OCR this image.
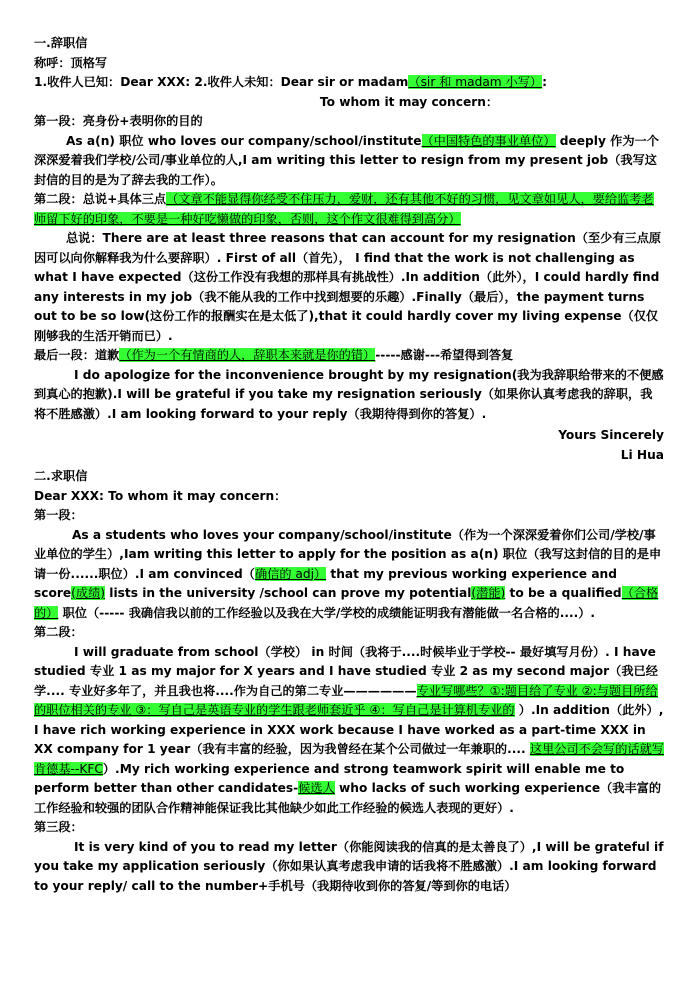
一.辞职信

称呼：顶格写

1.收件人已知：Dear XXX: 2.收件人未知：Dear sir or madam（sir 和 madam 小写）:

To whom it may concern：

第一段：亮身份+表明你的目的

As a(n) 职位 who loves our company/school/institute（中国特色的事业单位） deeply 作为一个深深爱着我们学校/公司/事业单位的人,I am writing this letter to resign from my present job（我写这封信的目的是为了辞去我的工作）。

第二段：总说+具体三点（文章不能显得你经受不住压力，爱财，还有其他不好的习惯，见文章如见人，要给监考老师留下好的印象，不要是一种好吃懒做的印象，否则，这个作文很难得到高分）

总说：There are at least three reasons that can account for my resignation（至少有三点原因可以向你解释我为什么要辞职）. First of all（首先）， I find that the work is not challenging as what I have expected（这份工作没有我想的那样具有挑战性）.In addition（此外），I could hardly find any interests in my job（我不能从我的工作中找到想要的乐趣）.Finally（最后），the payment turns out to be so low(这份工作的报酬实在是太低了),that it could hardly cover my living expense（仅仅刚够我的生活开销而已）.

最后一段：道歉（作为一个有情商的人，辞职本来就是你的错）-----感谢---希望得到答复

I do apologize for the inconvenience brought by my resignation(我为我辞职给带来的不便感到真心的抱歉).I will be grateful if you take my resignation seriously（如果你认真考虑我的辞职，我将不胜感激）.I am looking forward to your reply（我期待得到你的答复）.

Yours Sincerely

Li Hua

二.求职信

Dear XXX: To whom it may concern：

第一段：

As a students who loves your company/school/institute（作为一个深深爱着你们公司/学校/事业单位的学生）,Iam writing this letter to apply for the position as a(n) 职位（我写这封信的目的是申请一份......职位）.I am convinced（确信的 adj） that my previous working experience and score(成绩) lists in the university /school can prove my potential(潜能) to be a qualified（合格的） 职位（----- 我确信我以前的工作经验以及我在大学/学校的成绩能证明我有潜能做一名合格的....）.

第二段：

I will graduate from school（学校） in 时间（我将于....时候毕业于学校-- 最好填写月份）. I have studied 专业 1 as my major for X years and I have studied 专业 2 as my second major（我已经学.... 专业好多年了，并且我也将....作为自己的第二专业——————专业写哪些？①:题目给了专业 ②:与题目所给的职位相关的专业 ③：写自己是英语专业的学生跟老师套近乎 ④：写自己是计算机专业的 ）.In addition（此外）, I have rich working experience in XXX work because I have worked as a part-time XXX in XX company for 1 year（我有丰富的经验，因为我曾经在某个公司做过一年兼职的.... 这里公司不会写的话就写肯德基--KFC）.My rich working experience and strong teamwork spirit will enable me to perform better than other candidates-候选人 who lacks of such working experience（我丰富的工作经验和较强的团队合作精神能保证我比其他缺少如此工作经验的候选人表现的更好）.

第三段：

It is very kind of you to read my letter（你能阅读我的信真的是太善良了）,I will be grateful if you take my application seriously（你如果认真考虑我申请的话我将不胜感激）.I am looking forward to your reply/ call to the number+手机号（我期待收到你的答复/等到你的电话）
